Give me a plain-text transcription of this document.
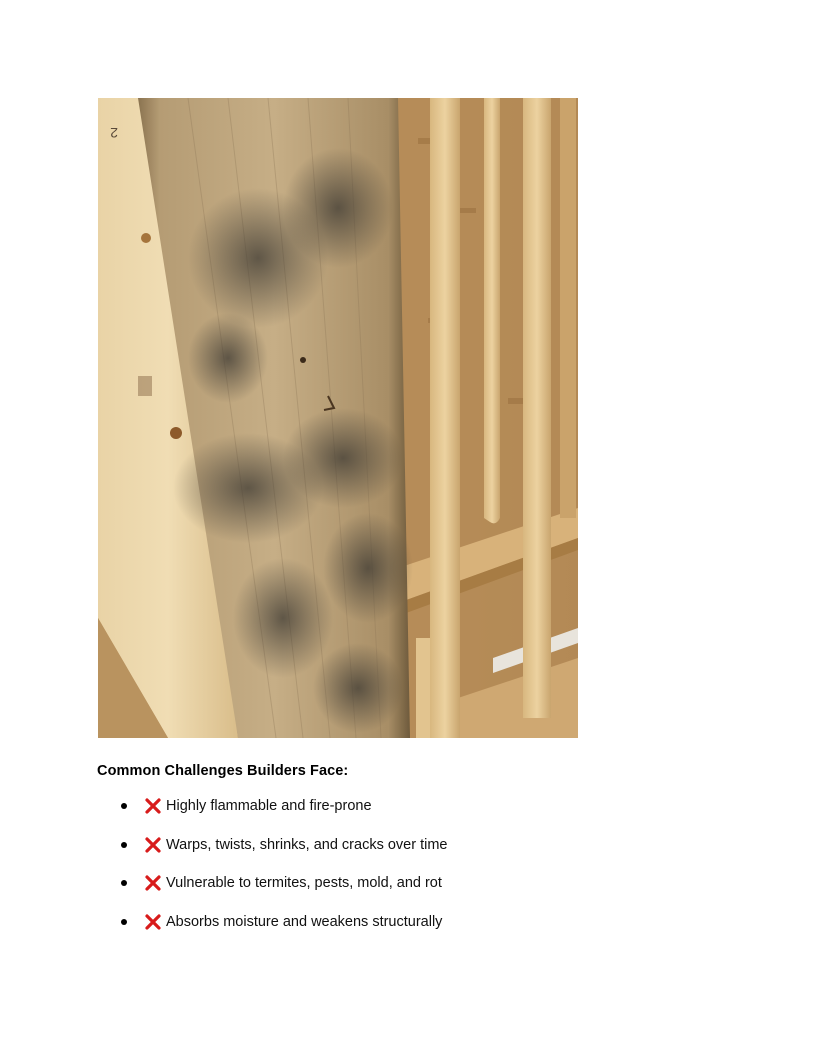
2
Common Challenges Builders Face:
Highly flammable and fire-prone
Warps, twists, shrinks, and cracks over time
Vulnerable to termites, pests, mold, and rot
Absorbs moisture and weakens structurally
